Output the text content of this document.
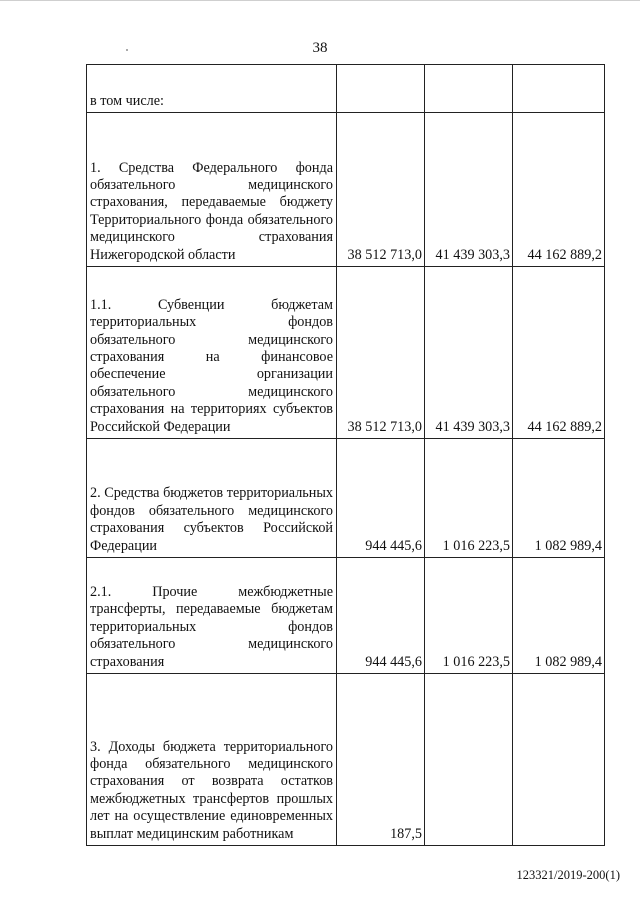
38
в том числе:			
1. Средства Федерального фонда обязательного медицинского страхования, передаваемые бюджету Территориального фонда обязательного медицинского страхования Нижегородской области	38 512 713,0	41 439 303,3	44 162 889,2
1.1. Субвенции бюджетам территориальных фондов обязательного медицинского страхования на финансовое обеспечение организации обязательного медицинского страхования на территориях субъектов Российской Федерации	38 512 713,0	41 439 303,3	44 162 889,2
2. Средства бюджетов территориальных фондов обязательного медицинского страхования субъектов Российской Федерации	944 445,6	1 016 223,5	1 082 989,4
2.1. Прочие межбюджетные трансферты, передаваемые бюджетам территориальных фондов обязательного медицинского страхования	944 445,6	1 016 223,5	1 082 989,4
3. Доходы бюджета территориального фонда обязательного медицинского страхования от возврата остатков межбюджетных трансфертов прошлых лет на осуществление единовременных выплат медицинским работникам	187,5		
123321/2019-200(1)
